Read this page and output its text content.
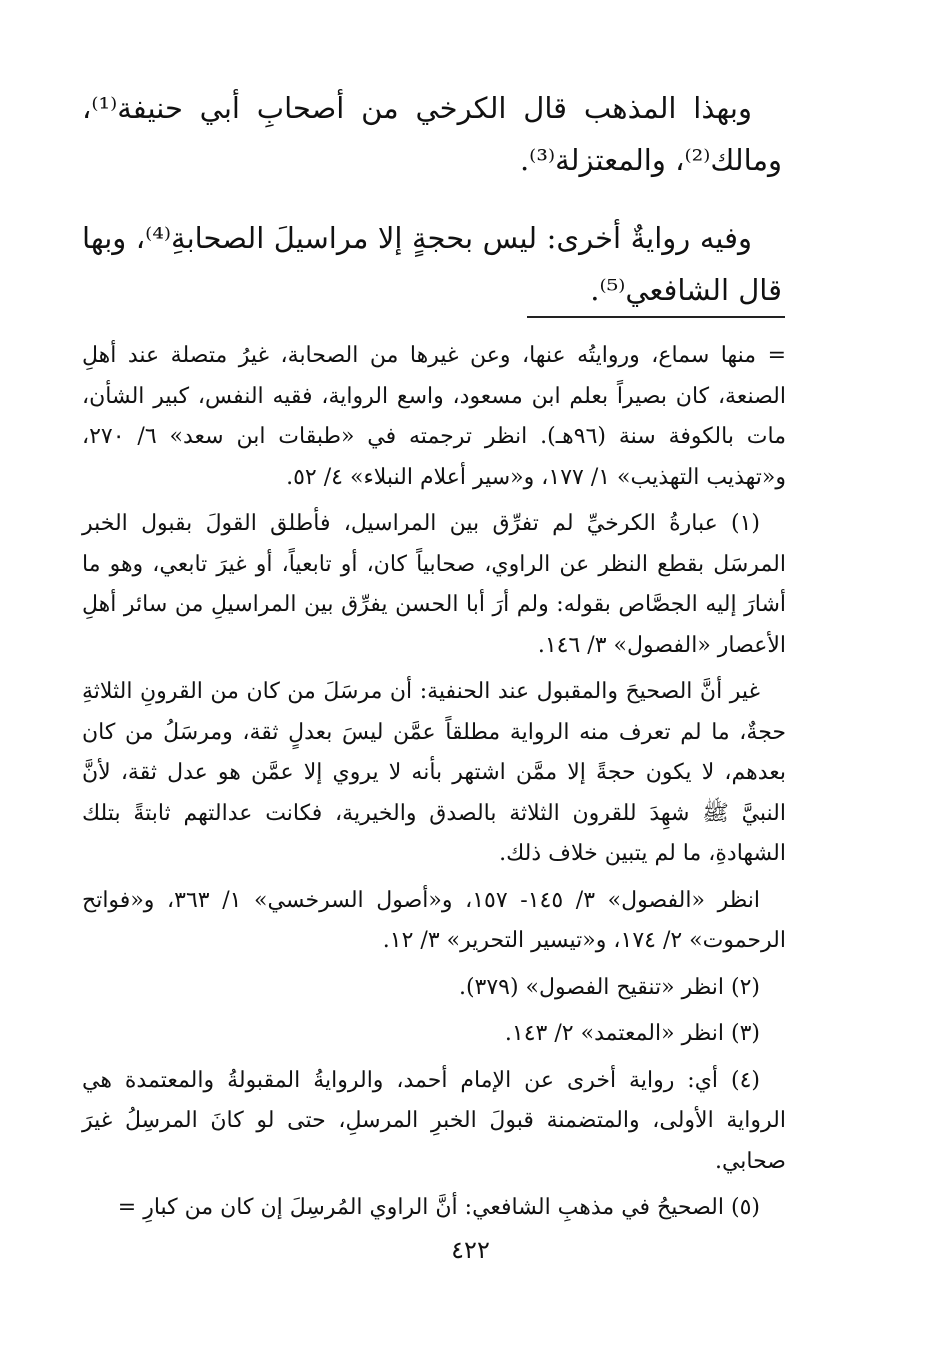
وبهذا المذهب قال الكرخي من أصحابِ أبي حنيفة⁽¹⁾، ومالك⁽²⁾، والمعتزلة⁽³⁾.

وفيه روايةٌ أخرى: ليس بحجةٍ إلا مراسيلَ الصحابةِ⁽⁴⁾، وبها قال الشافعي⁽⁵⁾.

= منها سماع، وروايتُه عنها، وعن غيرها من الصحابة، غيرُ متصلة عند أهلِ الصنعة، كان بصيراً بعلم ابن مسعود، واسع الرواية، فقيه النفس، كبير الشأن، مات بالكوفة سنة (٩٦هـ). انظر ترجمته في «طبقات ابن سعد» ٦/ ٢٧٠، و«تهذيب التهذيب» ١/ ١٧٧، و«سير أعلام النبلاء» ٤/ ٥٢.

(١) عبارةُ الكرخيِّ لم تفرِّق بين المراسيل، فأطلق القولَ بقبول الخبر المرسَل بقطع النظر عن الراوي، صحابياً كان، أو تابعياً، أو غيرَ تابعي، وهو ما أشارَ إليه الجصَّاص بقوله: ولم أرَ أبا الحسن يفرِّق بين المراسيلِ من سائر أهلِ الأعصار «الفصول» ٣/ ١٤٦.

غير أنَّ الصحيحَ والمقبول عند الحنفية: أن مرسَلَ من كان من القرونِ الثلاثةِ حجةٌ، ما لم تعرف منه الرواية مطلقاً عمَّن ليسَ بعدلٍ ثقة، ومرسَلُ من كان بعدهم، لا يكون حجةً إلا ممَّن اشتهر بأنه لا يروي إلا عمَّن هو عدل ثقة، لأنَّ النبيَّ ﷺ شهِدَ للقرون الثلاثة بالصدق والخيرية، فكانت عدالتهم ثابتةً بتلك الشهادةِ، ما لم يتبين خلاف ذلك.

انظر «الفصول» ٣/ ١٤٥- ١٥٧، و«أصول السرخسي» ١/ ٣٦٣، و«فواتح الرحموت» ٢/ ١٧٤، و«تيسير التحرير» ٣/ ١٢.

(٢) انظر «تنقيح الفصول» (٣٧٩).

(٣) انظر «المعتمد» ٢/ ١٤٣.

(٤) أي: رواية أخرى عن الإمام أحمد، والروايةُ المقبولةُ والمعتمدة هي الرواية الأولى، والمتضمنة قبولَ الخبرِ المرسلِ، حتى لو كانَ المرسِلُ غيرَ صحابي.

(٥) الصحيحُ في مذهبِ الشافعي: أنَّ الراوي المُرسِلَ إن كان من كبارِ =

٤٢٢
